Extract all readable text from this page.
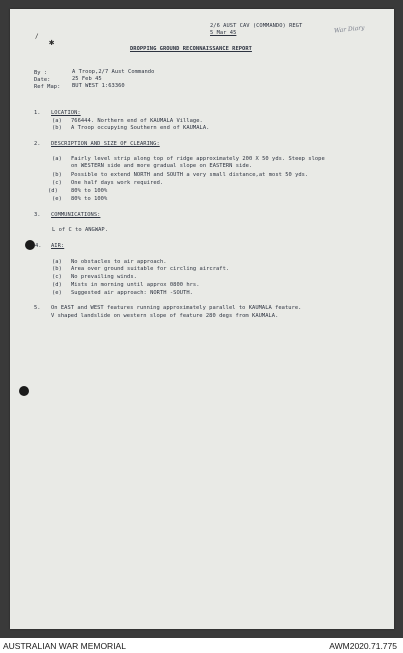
✱
/
2/6 AUST CAV (COMMANDO) REGT
5 Mar 45	War Diary
DROPPING GROUND RECONNAISSANCE REPORT
By :	A Troop,2/7 Aust Commando
Date:	25 Feb 45
Ref Map: BUT WEST 1:63360
1. LOCATION:
(a) 766444. Northern end of KAUMALA Village.
(b) A Troop occupying Southern end of KAUMALA.
2. DESCRIPTION AND SIZE OF CLEARING:
(a) Fairly level strip along top of ridge approximately 200 X 50 yds. Steep slope
on WESTERN side and more gradual slope on EASTERN side.
(b) Possible to extend NORTH and SOUTH a very small distance,at most 50 yds.
(c) One half days work required.
(d) 80% to 100%
(e) 80% to 100%
3. COMMUNICATIONS:
L of C to ANGWAP.
4. AIR:
(a) No obstacles to air approach.
(b) Area over ground suitable for circling aircraft.
(c) No prevailing winds.
(d) Mists in morning until approx 0800 hrs.
(e) Suggested air approach: NORTH -SOUTH.
5. On EAST and WEST features running approximately parallel to KAUMALA feature.
V shaped landslide on western slope of feature 280 degs from KAUMALA.
AUSTRALIAN WAR MEMORIAL	AWM2020.71.775
